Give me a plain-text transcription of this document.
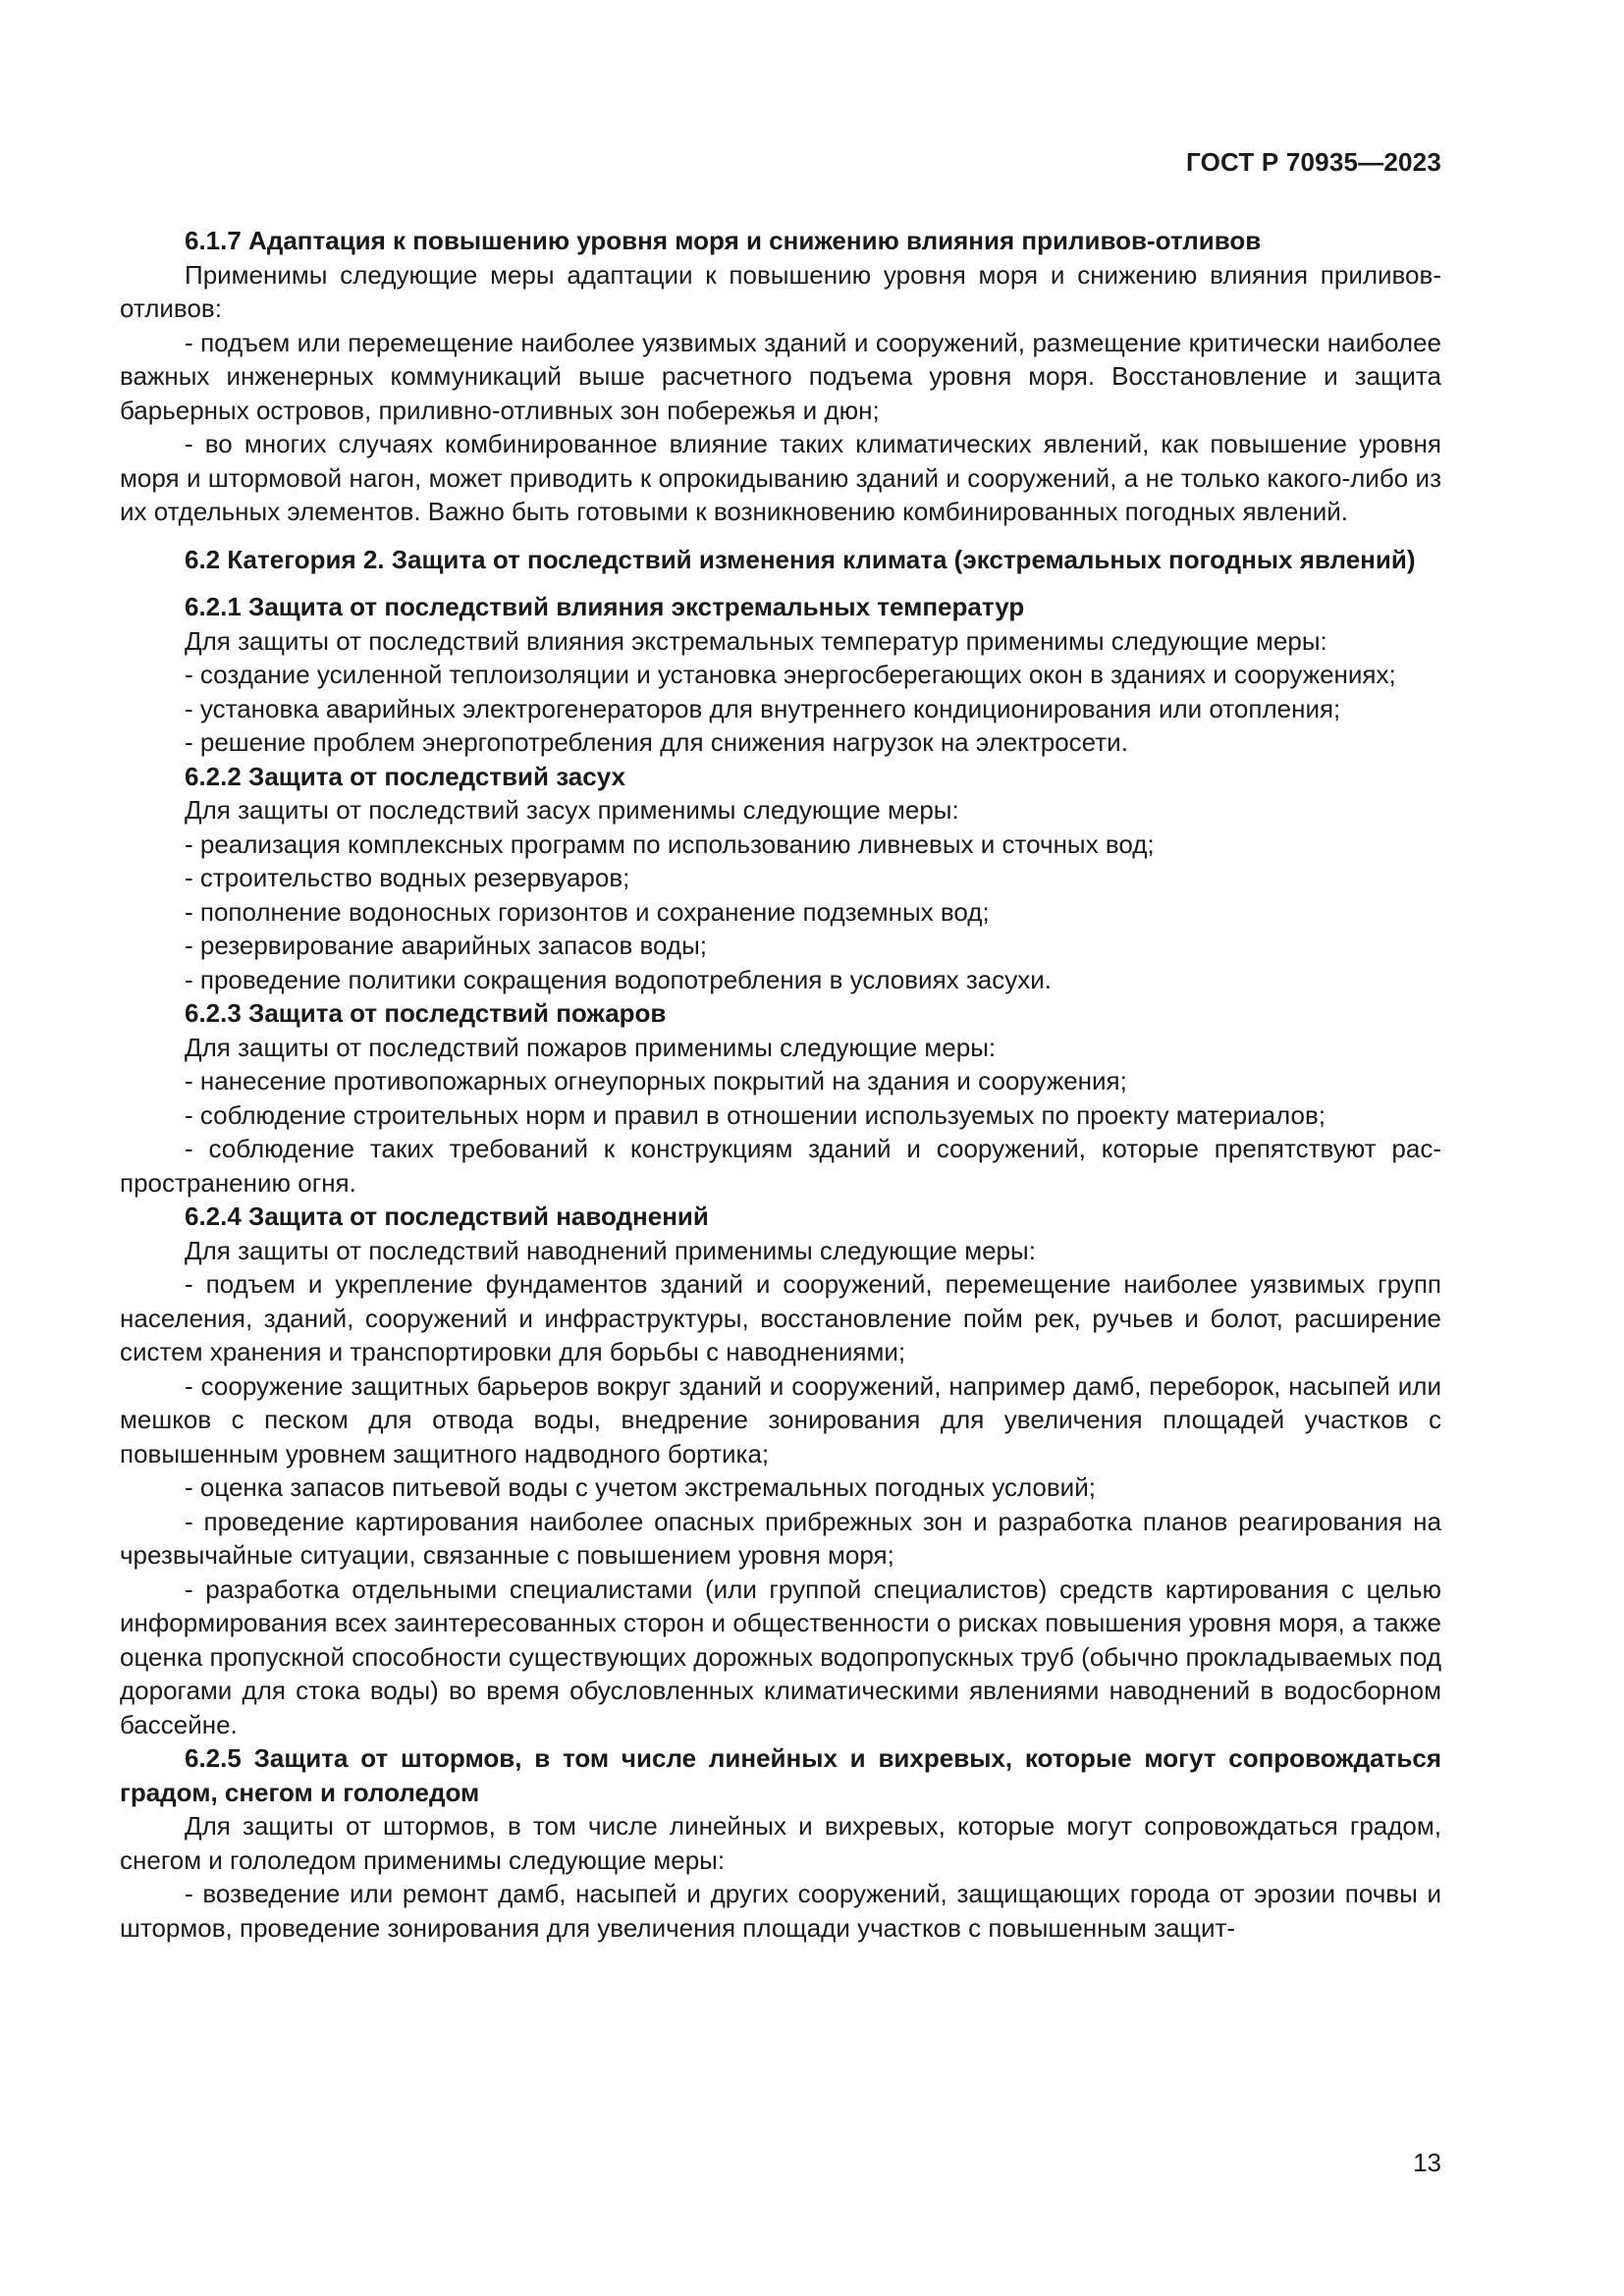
ГОСТ Р 70935—2023

6.1.7 Адаптация к повышению уровня моря и снижению влияния приливов-отливов

Применимы следующие меры адаптации к повышению уровня моря и снижению влияния приливов-отливов:

- подъем или перемещение наиболее уязвимых зданий и сооружений, размещение критически наиболее важных инженерных коммуникаций выше расчетного подъема уровня моря. Восстановление и защита барьерных островов, приливно-отливных зон побережья и дюн;

- во многих случаях комбинированное влияние таких климатических явлений, как повышение уровня моря и штормовой нагон, может приводить к опрокидыванию зданий и сооружений, а не только какого-либо из их отдельных элементов. Важно быть готовыми к возникновению комбинированных погодных явлений.

6.2 Категория 2. Защита от последствий изменения климата (экстремальных погодных явлений)

6.2.1 Защита от последствий влияния экстремальных температур

Для защиты от последствий влияния экстремальных температур применимы следующие меры:

- создание усиленной теплоизоляции и установка энергосберегающих окон в зданиях и сооружениях;

- установка аварийных электрогенераторов для внутреннего кондиционирования или отопления;

- решение проблем энергопотребления для снижения нагрузок на электросети.

6.2.2 Защита от последствий засух

Для защиты от последствий засух применимы следующие меры:

- реализация комплексных программ по использованию ливневых и сточных вод;

- строительство водных резервуаров;

- пополнение водоносных горизонтов и сохранение подземных вод;

- резервирование аварийных запасов воды;

- проведение политики сокращения водопотребления в условиях засухи.

6.2.3 Защита от последствий пожаров

Для защиты от последствий пожаров применимы следующие меры:

- нанесение противопожарных огнеупорных покрытий на здания и сооружения;

- соблюдение строительных норм и правил в отношении используемых по проекту материалов;

- соблюдение таких требований к конструкциям зданий и сооружений, которые препятствуют распространению огня.

6.2.4 Защита от последствий наводнений

Для защиты от последствий наводнений применимы следующие меры:

- подъем и укрепление фундаментов зданий и сооружений, перемещение наиболее уязвимых групп населения, зданий, сооружений и инфраструктуры, восстановление пойм рек, ручьев и болот, расширение систем хранения и транспортировки для борьбы с наводнениями;

- сооружение защитных барьеров вокруг зданий и сооружений, например дамб, переборок, насыпей или мешков с песком для отвода воды, внедрение зонирования для увеличения площадей участков с повышенным уровнем защитного надводного бортика;

- оценка запасов питьевой воды с учетом экстремальных погодных условий;

- проведение картирования наиболее опасных прибрежных зон и разработка планов реагирования на чрезвычайные ситуации, связанные с повышением уровня моря;

- разработка отдельными специалистами (или группой специалистов) средств картирования с целью информирования всех заинтересованных сторон и общественности о рисках повышения уровня моря, а также оценка пропускной способности существующих дорожных водопропускных труб (обычно прокладываемых под дорогами для стока воды) во время обусловленных климатическими явлениями наводнений в водосборном бассейне.

6.2.5 Защита от штормов, в том числе линейных и вихревых, которые могут сопровождаться градом, снегом и гололедом

Для защиты от штормов, в том числе линейных и вихревых, которые могут сопровождаться градом, снегом и гололедом применимы следующие меры:

- возведение или ремонт дамб, насыпей и других сооружений, защищающих города от эрозии почвы и штормов, проведение зонирования для увеличения площади участков с повышенным защит-

13
